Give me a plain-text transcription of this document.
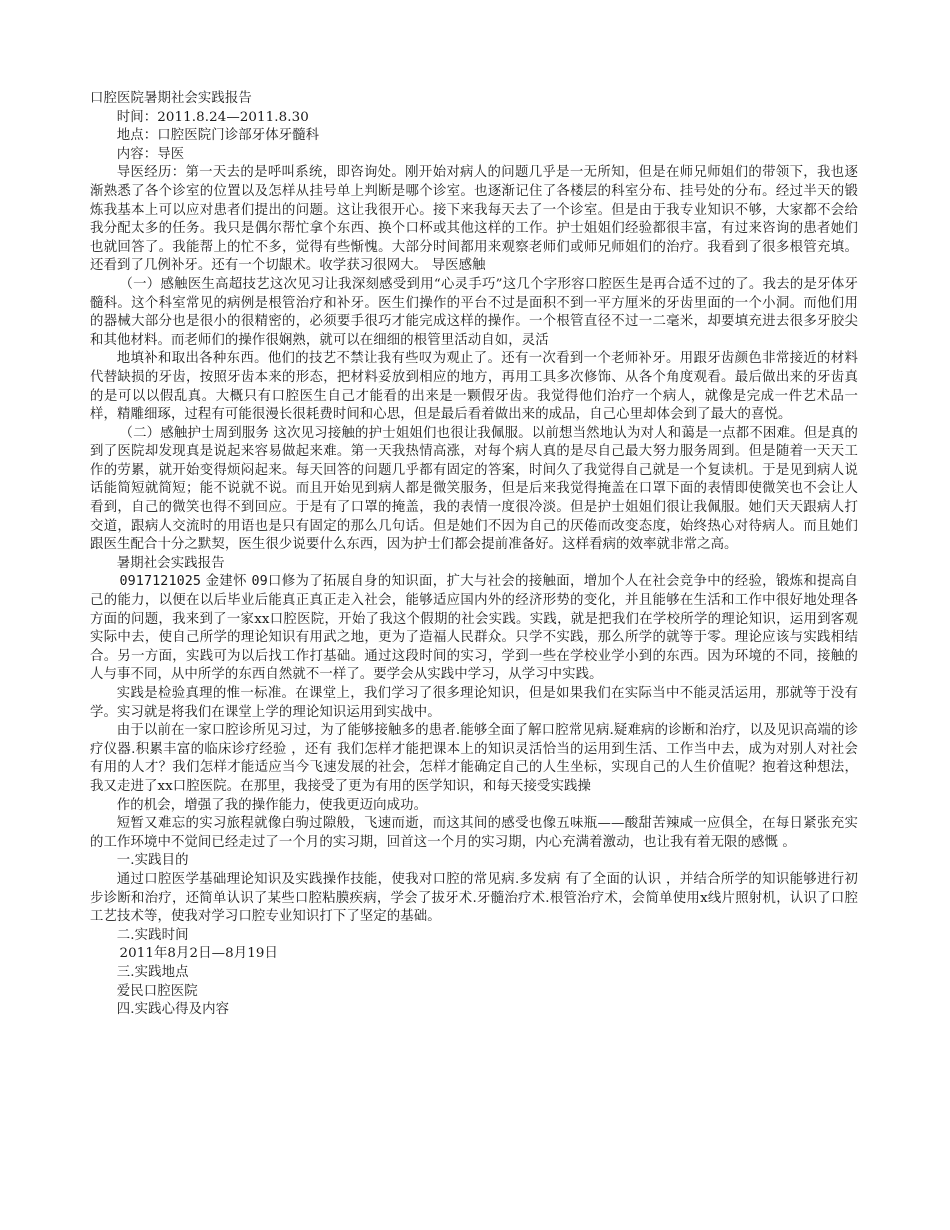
口腔医院暑期社会实践报告

时间：2011.8.24—2011.8.30

地点：口腔医院门诊部牙体牙髓科

内容：导医

导医经历：第一天去的是呼叫系统，即咨询处。刚开始对病人的问题几乎是一无所知，但是在师兄师姐们的带领下，我也逐渐熟悉了各个诊室的位置以及怎样从挂号单上判断是哪个诊室。也逐渐记住了各楼层的科室分布、挂号处的分布。经过半天的锻炼我基本上可以应对患者们提出的问题。这让我很开心。接下来我每天去了一个诊室。但是由于我专业知识不够，大家都不会给我分配太多的任务。我只是偶尔帮忙拿个东西、换个口杯或其他这样的工作。护士姐姐们经验都很丰富，有过来咨询的患者她们也就回答了。我能帮上的忙不多，觉得有些惭愧。大部分时间都用来观察老师们或师兄师姐们的治疗。我看到了很多根管充填。还看到了几例补牙。还有一个切龈术。收学获习很网大。 导医感触

（一）感触医生高超技艺这次见习让我深刻感受到用“心灵手巧”这几个字形容口腔医生是再合适不过的了。我去的是牙体牙髓科。这个科室常见的病例是根管治疗和补牙。医生们操作的平台不过是面积不到一平方厘米的牙齿里面的一个小洞。而他们用的器械大部分也是很小的很精密的，必须要手很巧才能完成这样的操作。一个根管直径不过一二毫米，却要填充进去很多牙胶尖和其他材料。而老师们的操作很娴熟，就可以在细细的根管里活动自如，灵活

地填补和取出各种东西。他们的技艺不禁让我有些叹为观止了。还有一次看到一个老师补牙。用跟牙齿颜色非常接近的材料代替缺损的牙齿，按照牙齿本来的形态，把材料妥放到相应的地方，再用工具多次修饰、从各个角度观看。最后做出来的牙齿真的是可以以假乱真。大概只有口腔医生自己才能看的出来是一颗假牙齿。我觉得他们治疗一个病人，就像是完成一件艺术品一样，精雕细琢，过程有可能很漫长很耗费时间和心思，但是最后看着做出来的成品，自己心里却体会到了最大的喜悦。

（二）感触护士周到服务 这次见习接触的护士姐姐们也很让我佩服。以前想当然地认为对人和蔼是一点都不困难。但是真的到了医院却发现真是说起来容易做起来难。第一天我热情高涨，对每个病人真的是尽自己最大努力服务周到。但是随着一天天工作的劳累，就开始变得烦闷起来。每天回答的问题几乎都有固定的答案，时间久了我觉得自己就是一个复读机。于是见到病人说话能简短就简短；能不说就不说。而且开始见到病人都是微笑服务，但是后来我觉得掩盖在口罩下面的表情即使微笑也不会让人看到，自己的微笑也得不到回应。于是有了口罩的掩盖，我的表情一度很冷淡。但是护士姐姐们很让我佩服。她们天天跟病人打交道，跟病人交流时的用语也是只有固定的那么几句话。但是她们不因为自己的厌倦而改变态度，始终热心对待病人。而且她们跟医生配合十分之默契，医生很少说要什么东西，因为护士们都会提前准备好。这样看病的效率就非常之高。

暑期社会实践报告

0917121025 金建怀 09口修为了拓展自身的知识面，扩大与社会的接触面，增加个人在社会竞争中的经验，锻炼和提高自己的能力，以便在以后毕业后能真正真正走入社会，能够适应国内外的经济形势的变化，并且能够在生活和工作中很好地处理各方面的问题，我来到了一家xx口腔医院，开始了我这个假期的社会实践。实践，就是把我们在学校所学的理论知识，运用到客观实际中去，使自己所学的理论知识有用武之地，更为了造福人民群众。只学不实践，那么所学的就等于零。理论应该与实践相结合。另一方面，实践可为以后找工作打基础。通过这段时间的实习，学到一些在学校业学小到的东西。因为环境的不同，接触的人与事不同，从中所学的东西自然就不一样了。要学会从实践中学习，从学习中实践。

实践是检验真理的惟一标准。在课堂上，我们学习了很多理论知识，但是如果我们在实际当中不能灵活运用，那就等于没有学。实习就是将我们在课堂上学的理论知识运用到实战中。

由于以前在一家口腔诊所见习过，为了能够接触多的患者.能够全面了解口腔常见病.疑难病的诊断和治疗，以及见识高端的诊疗仪器.积累丰富的临床诊疗经验 ，还有 我们怎样才能把课本上的知识灵活恰当的运用到生活、工作当中去，成为对别人对社会有用的人才？我们怎样才能适应当今飞速发展的社会，怎样才能确定自己的人生坐标，实现自己的人生价值呢？抱着这种想法，我又走进了xx口腔医院。在那里，我接受了更为有用的医学知识，和每天接受实践操

作的机会，增强了我的操作能力，使我更迈向成功。

短暂又难忘的实习旅程就像白驹过隙般，飞速而逝，而这其间的感受也像五味瓶——酸甜苦辣咸一应俱全，在每日紧张充实的工作环境中不觉间已经走过了一个月的实习期，回首这一个月的实习期，内心充满着激动，也让我有着无限的感慨 。

一.实践目的

通过口腔医学基础理论知识及实践操作技能，使我对口腔的常见病.多发病 有了全面的认识 ，并结合所学的知识能够进行初步诊断和治疗，还简单认识了某些口腔粘膜疾病，学会了拔牙术.牙髓治疗术.根管治疗术，会简单使用x线片照射机，认识了口腔工艺技术等，使我对学习口腔专业知识打下了坚定的基础。

二.实践时间

2011年8月2日—8月19日

三.实践地点

爱民口腔医院

四.实践心得及内容
